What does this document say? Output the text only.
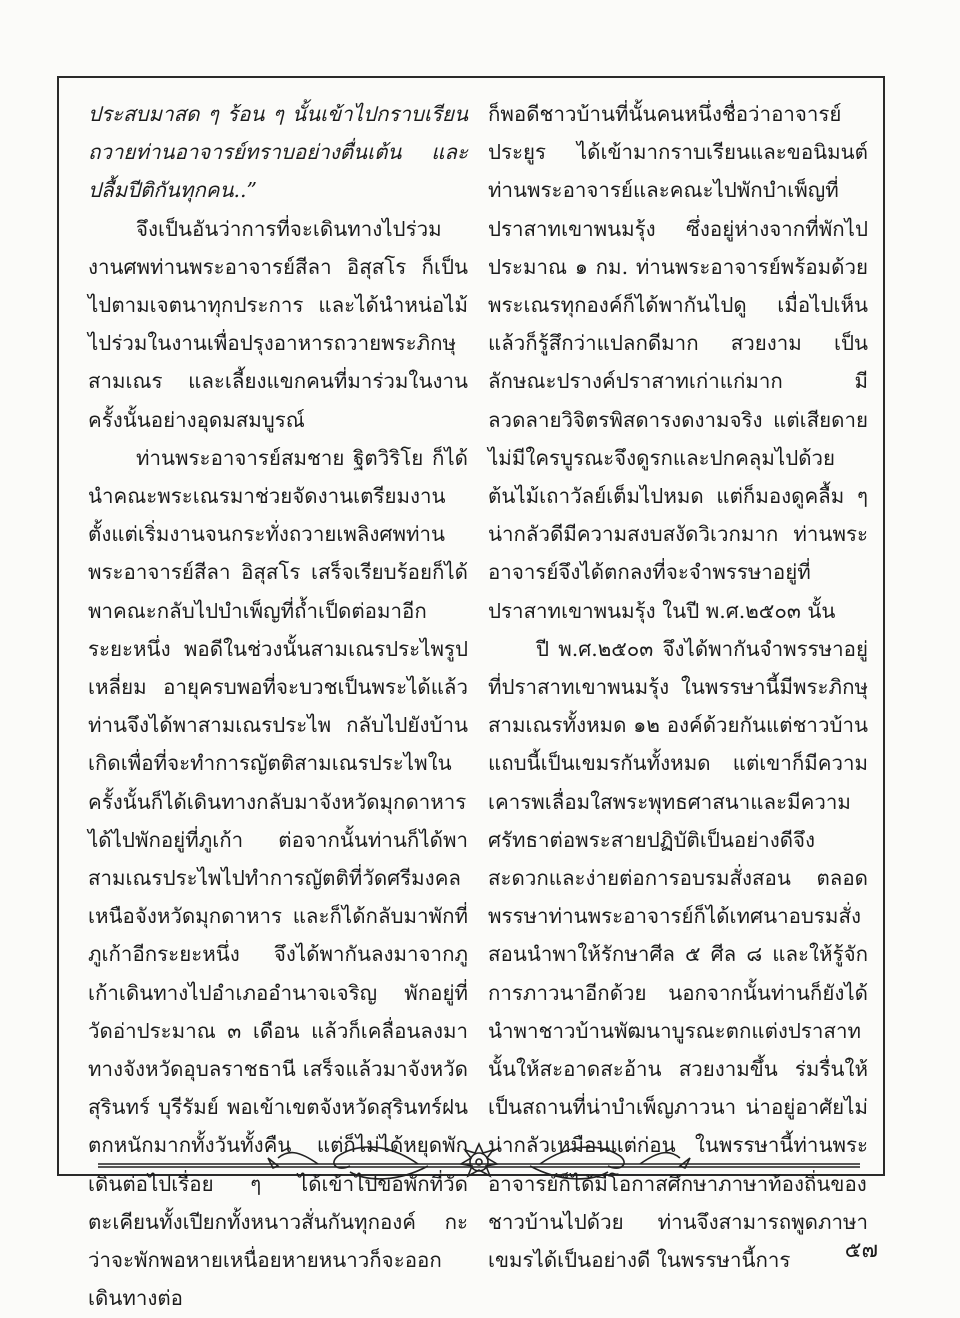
ประสบมาสด ๆ ร้อน ๆ นั้นเข้าไปกราบเรียน ถวายท่านอาจารย์ทราบอย่างตื่นเต้น และปลื้มปีติกันทุกคน..”

จึงเป็นอันว่าการที่จะเดินทางไปร่วมงานศพท่านพระอาจารย์สีลา อิสุสโร ก็เป็นไปตามเจตนาทุกประการ และได้นำหน่อไม้ไปร่วมในงานเพื่อปรุงอาหารถวายพระภิกษุสามเณร และเลี้ยงแขกคนที่มาร่วมในงานครั้งนั้นอย่างอุดมสมบูรณ์

ท่านพระอาจารย์สมชาย ฐิตวิริโย ก็ได้นำคณะพระเณรมาช่วยจัดงานเตรียมงานตั้งแต่เริ่มงานจนกระทั่งถวายเพลิงศพท่านพระอาจารย์สีลา อิสุสโร เสร็จเรียบร้อยก็ได้พาคณะกลับไปบำเพ็ญที่ถ้ำเป็ดต่อมาอีกระยะหนึ่ง พอดีในช่วงนั้นสามเณรประไพรูปเหลี่ยม อายุครบพอที่จะบวชเป็นพระได้แล้ว ท่านจึงได้พาสามเณรประไพ กลับไปยังบ้านเกิดเพื่อที่จะทำการญัตติสามเณรประไพในครั้งนั้นก็ได้เดินทางกลับมาจังหวัดมุกดาหารได้ไปพักอยู่ที่ภูเก้า ต่อจากนั้นท่านก็ได้พาสามเณรประไพไปทำการญัตติที่วัดศรีมงคลเหนือจังหวัดมุกดาหาร และก็ได้กลับมาพักที่ภูเก้าอีกระยะหนึ่ง จึงได้พากันลงมาจากภูเก้าเดินทางไปอำเภออำนาจเจริญ พักอยู่ที่วัดอ่าประมาณ ๓ เดือน แล้วก็เคลื่อนลงมาทางจังหวัดอุบลราชธานี เสร็จแล้วมาจังหวัดสุรินทร์ บุรีรัมย์ พอเข้าเขตจังหวัดสุรินทร์ฝนตกหนักมากทั้งวันทั้งคืน แต่ก็ไม่ได้หยุดพักเดินต่อไปเรื่อย ๆ ได้เข้าไปขอพักที่วัดตะเคียนทั้งเปียกทั้งหนาวสั่นกันทุกองค์ กะว่าจะพักพอหายเหนื่อยหายหนาวก็จะออกเดินทางต่อ

ก็พอดีชาวบ้านที่นั้นคนหนึ่งชื่อว่าอาจารย์ประยูร ได้เข้ามากราบเรียนและขอนิมนต์ท่านพระอาจารย์และคณะไปพักบำเพ็ญที่ปราสาทเขาพนมรุ้ง ซึ่งอยู่ห่างจากที่พักไปประมาณ ๑ กม. ท่านพระอาจารย์พร้อมด้วยพระเณรทุกองค์ก็ได้พากันไปดู เมื่อไปเห็นแล้วก็รู้สึกว่าแปลกดีมาก สวยงาม เป็นลักษณะปรางค์ปราสาทเก่าแก่มาก มีลวดลายวิจิตรพิสดารงดงามจริง แต่เสียดายไม่มีใครบูรณะจึงดูรกและปกคลุมไปด้วยต้นไม้เถาวัลย์เต็มไปหมด แต่ก็มองดูคลื้ม ๆ น่ากลัวดีมีความสงบสงัดวิเวกมาก ท่านพระอาจารย์จึงได้ตกลงที่จะจำพรรษาอยู่ที่ปราสาทเขาพนมรุ้ง ในปี พ.ศ.๒๕๐๓ นั้น

ปี พ.ศ.๒๕๐๓ จึงได้พากันจำพรรษาอยู่ที่ปราสาทเขาพนมรุ้ง ในพรรษานี้มีพระภิกษุสามเณรทั้งหมด ๑๒ องค์ด้วยกันแต่ชาวบ้านแถบนี้เป็นเขมรกันทั้งหมด แต่เขาก็มีความเคารพเลื่อมใสพระพุทธศาสนาและมีความศรัทธาต่อพระสายปฏิบัติเป็นอย่างดีจึงสะดวกและง่ายต่อการอบรมสั่งสอน ตลอดพรรษาท่านพระอาจารย์ก็ได้เทศนาอบรมสั่งสอนนำพาให้รักษาศีล ๕ ศีล ๘ และให้รู้จักการภาวนาอีกด้วย นอกจากนั้นท่านก็ยังได้นำพาชาวบ้านพัฒนาบูรณะตกแต่งปราสาทนั้นให้สะอาดสะอ้าน สวยงามขึ้น ร่มรื่นให้เป็นสถานที่น่าบำเพ็ญภาวนา น่าอยู่อาศัยไม่น่ากลัวเหมือนแต่ก่อน ในพรรษานี้ท่านพระอาจารย์ก็ได้มีโอกาสศึกษาภาษาท้องถิ่นของชาวบ้านไปด้วย ท่านจึงสามารถพูดภาษาเขมรได้เป็นอย่างดี ในพรรษานี้การ	๕๗
